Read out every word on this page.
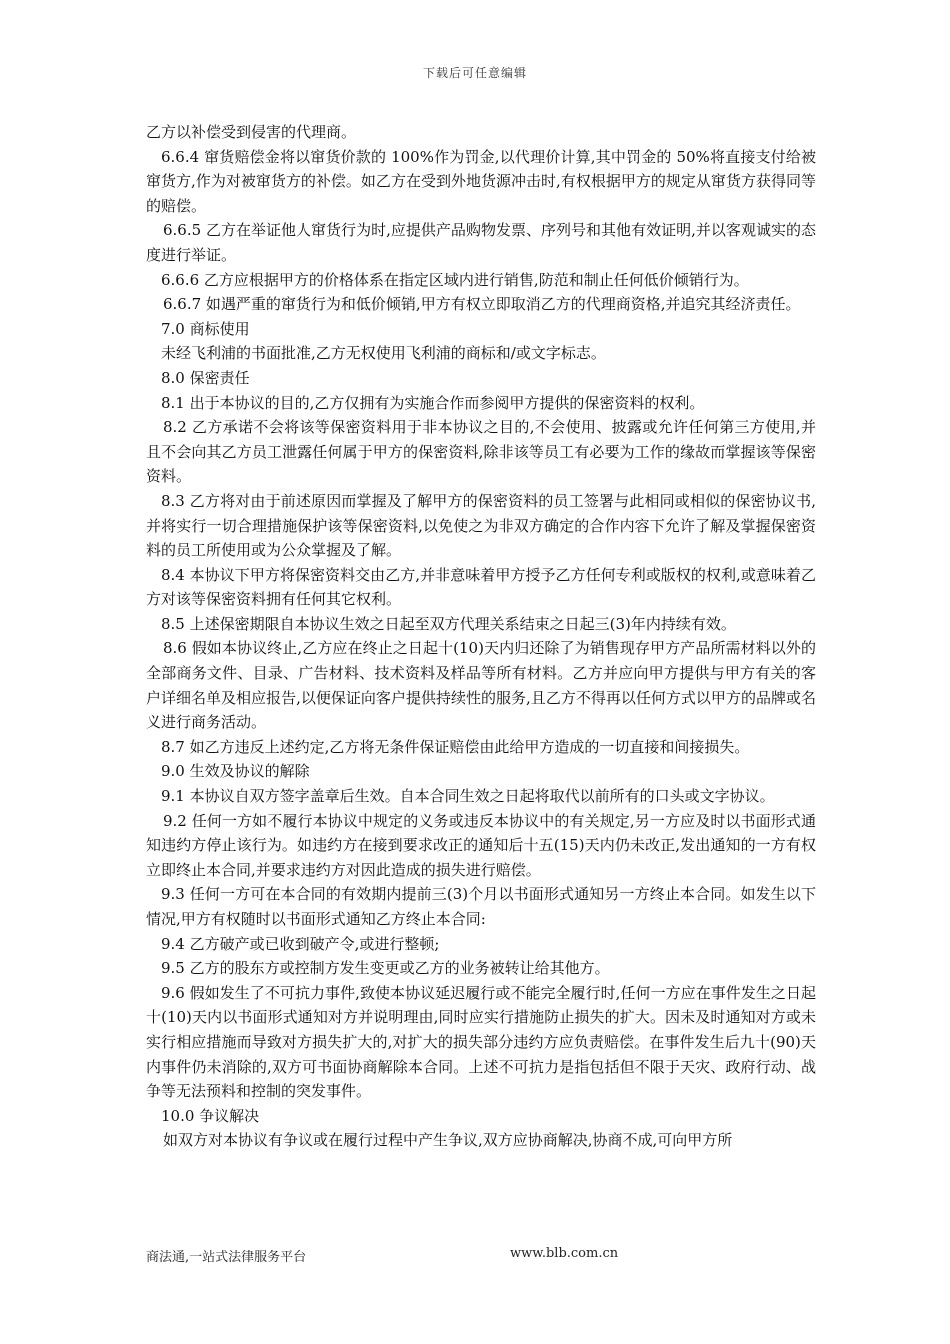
下载后可任意编辑

乙方以补偿受到侵害的代理商。

6.6.4 窜货赔偿金将以窜货价款的 100%作为罚金,以代理价计算,其中罚金的 50%将直接支付给被窜货方,作为对被窜货方的补偿。如乙方在受到外地货源冲击时,有权根据甲方的规定从窜货方获得同等的赔偿。

6.6.5 乙方在举证他人窜货行为时,应提供产品购物发票、序列号和其他有效证明,并以客观诚实的态度进行举证。

6.6.6 乙方应根据甲方的价格体系在指定区域内进行销售,防范和制止任何低价倾销行为。

6.6.7 如遇严重的窜货行为和低价倾销,甲方有权立即取消乙方的代理商资格,并追究其经济责任。

7.0 商标使用

未经飞利浦的书面批准,乙方无权使用飞利浦的商标和/或文字标志。

8.0 保密责任

8.1 出于本协议的目的,乙方仅拥有为实施合作而参阅甲方提供的保密资料的权利。

8.2 乙方承诺不会将该等保密资料用于非本协议之目的,不会使用、披露或允许任何第三方使用,并且不会向其乙方员工泄露任何属于甲方的保密资料,除非该等员工有必要为工作的缘故而掌握该等保密资料。

8.3 乙方将对由于前述原因而掌握及了解甲方的保密资料的员工签署与此相同或相似的保密协议书,并将实行一切合理措施保护该等保密资料,以免使之为非双方确定的合作内容下允许了解及掌握保密资料的员工所使用或为公众掌握及了解。

8.4 本协议下甲方将保密资料交由乙方,并非意味着甲方授予乙方任何专利或版权的权利,或意味着乙方对该等保密资料拥有任何其它权利。

8.5 上述保密期限自本协议生效之日起至双方代理关系结束之日起三(3)年内持续有效。

8.6 假如本协议终止,乙方应在终止之日起十(10)天内归还除了为销售现存甲方产品所需材料以外的全部商务文件、目录、广告材料、技术资料及样品等所有材料。乙方并应向甲方提供与甲方有关的客户详细名单及相应报告,以便保证向客户提供持续性的服务,且乙方不得再以任何方式以甲方的品牌或名义进行商务活动。

8.7 如乙方违反上述约定,乙方将无条件保证赔偿由此给甲方造成的一切直接和间接损失。

9.0 生效及协议的解除

9.1 本协议自双方签字盖章后生效。自本合同生效之日起将取代以前所有的口头或文字协议。

9.2 任何一方如不履行本协议中规定的义务或违反本协议中的有关规定,另一方应及时以书面形式通知违约方停止该行为。如违约方在接到要求改正的通知后十五(15)天内仍未改正,发出通知的一方有权立即终止本合同,并要求违约方对因此造成的损失进行赔偿。

9.3 任何一方可在本合同的有效期内提前三(3)个月以书面形式通知另一方终止本合同。如发生以下情况,甲方有权随时以书面形式通知乙方终止本合同:

9.4 乙方破产或已收到破产令,或进行整顿;

9.5 乙方的股东方或控制方发生变更或乙方的业务被转让给其他方。

9.6 假如发生了不可抗力事件,致使本协议延迟履行或不能完全履行时,任何一方应在事件发生之日起十(10)天内以书面形式通知对方并说明理由,同时应实行措施防止损失的扩大。因未及时通知对方或未实行相应措施而导致对方损失扩大的,对扩大的损失部分违约方应负责赔偿。在事件发生后九十(90)天内事件仍未消除的,双方可书面协商解除本合同。上述不可抗力是指包括但不限于天灾、政府行动、战争等无法预料和控制的突发事件。

10.0 争议解决

如双方对本协议有争议或在履行过程中产生争议,双方应协商解决,协商不成,可向甲方所

商法通,一站式法律服务平台	www.blb.com.cn
